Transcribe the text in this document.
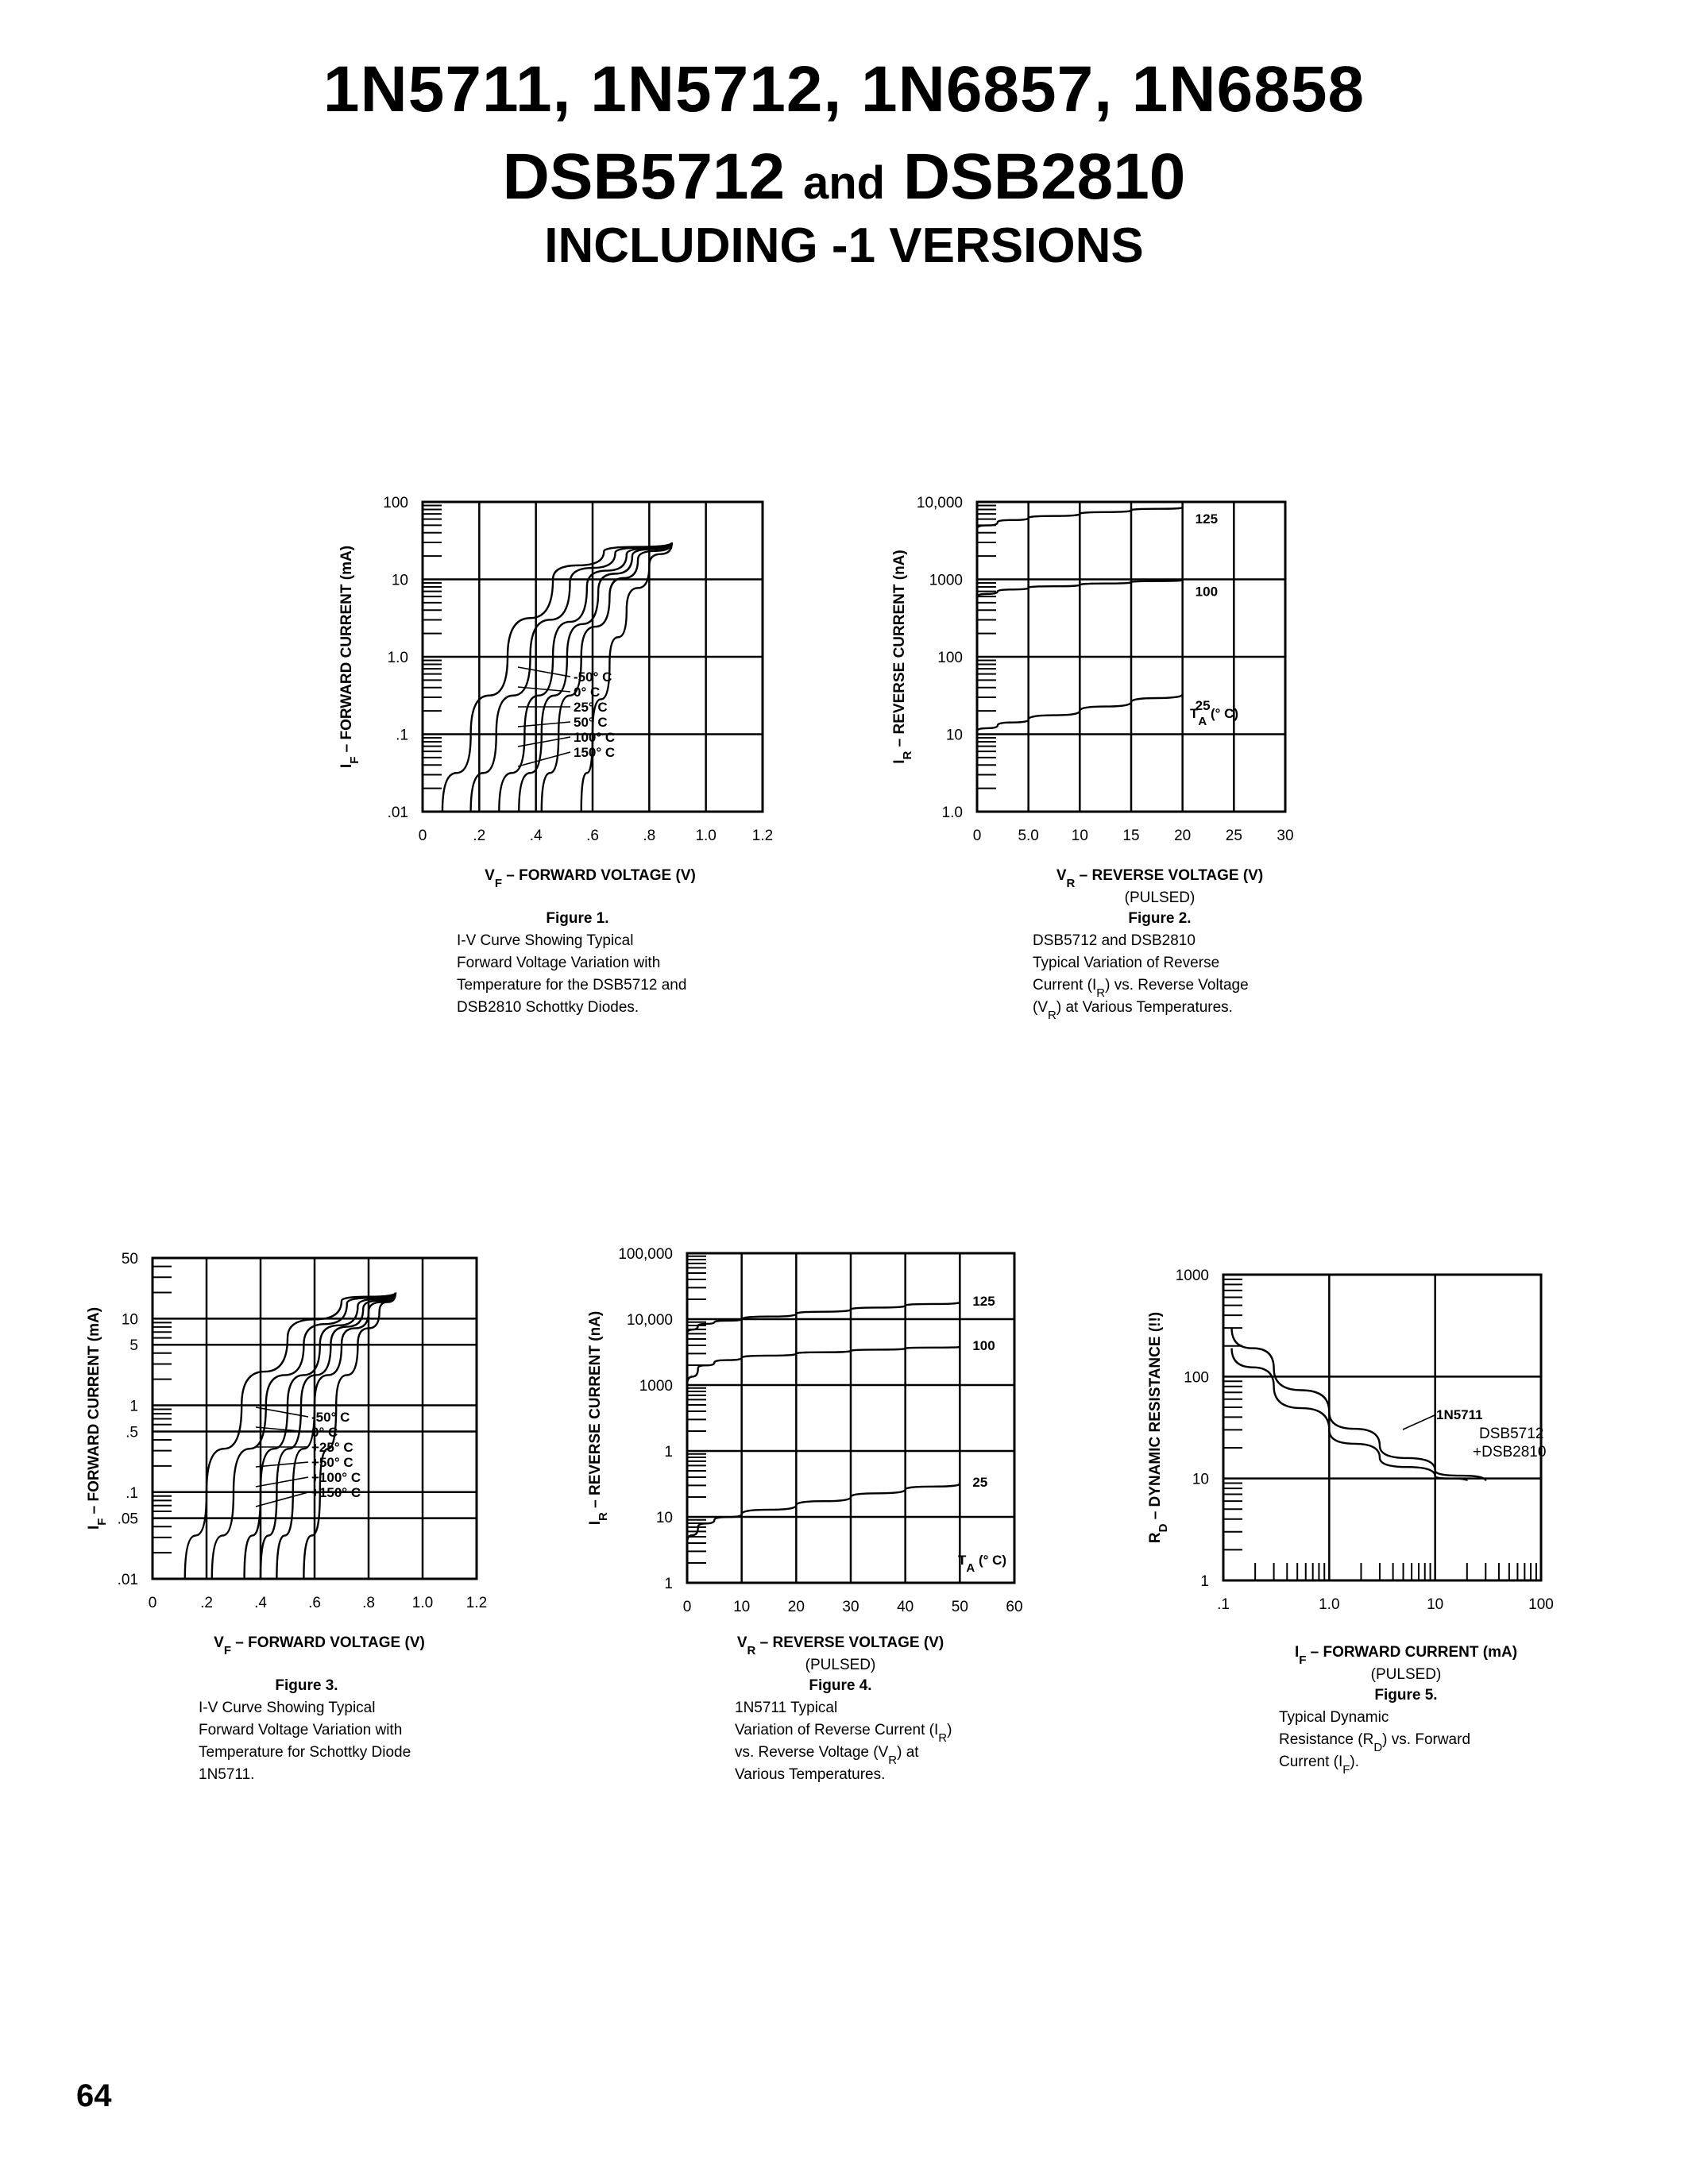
1N5711, 1N5712, 1N6857, 1N6858
DSB5712 and DSB2810
INCLUDING -1 VERSIONS
0	.2	.4	.6	.8	1.0 1.2
.01
.1
1.0
10
100
-50° C
0° C
25° C
50° C
100° C
150° C
$V_F$ – FORWARD VOLTAGE (V)
$I_F$ – FORWARD CURRENT (mA)
Figure 1.
I-V Curve Showing Typical
Forward Voltage Variation with
Temperature for the DSB5712 and
DSB2810 Schottky Diodes.
0 5.0 10 15 20 25 30
1.0
10
100
1000
10,000
125
100
25
$T_A$ (° C)
$V_R$ – REVERSE VOLTAGE (V)
(PULSED)
$I_R$ – REVERSE CURRENT (nA)
Figure 2.
DSB5712 and DSB2810
Typical Variation of Reverse
Current $(I_R)$ vs. Reverse Voltage
$(V_R)$ at Various Temperatures.
0	.2	.4	.6	.8 1.0 1.2
.01
.05
.1
.5
1
5
10
50
-50° C
0° C
+25° C
+50° C
+100° C
+150° C
$V_F$ – FORWARD VOLTAGE (V)
$I_F$ – FORWARD CURRENT (mA)
Figure 3.
I-V Curve Showing Typical
Forward Voltage Variation with
Temperature for Schottky Diode
1N5711.
0	10	20	30	40	50	60
1
10
1
1000
10,000
100,000
125
100
25
$T_A$ (° C)
$V_R$ – REVERSE VOLTAGE (V)
(PULSED)
$I_R$ – REVERSE CURRENT (nA)
Figure 4.
1N5711 Typical
Variation of Reverse Current $(I_R)$
vs. Reverse Voltage $(V_R)$ at
Various Temperatures.
.1	1.0	10	100
1
10
100
1000
1N5711
DSB5712
+DSB2810
$I_F$ – FORWARD CURRENT (mA)
(PULSED)
$R_D$ – DYNAMIC RESISTANCE (!!)
Figure 5.
Typical Dynamic
Resistance $(R_D)$ vs. Forward
Current $(I_F)$.
64
